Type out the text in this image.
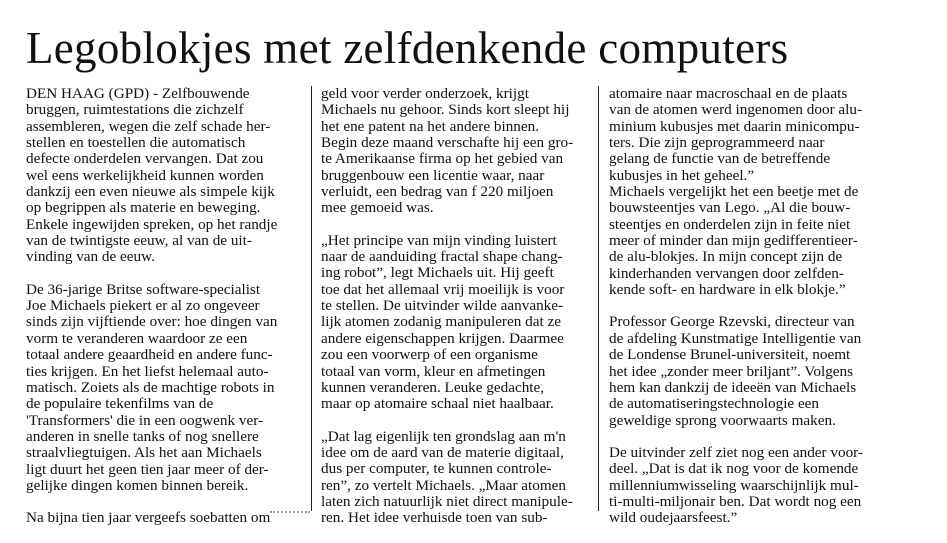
Legoblokjes met zelfdenkende computers

DEN HAAG (GPD) - Zelfbouwende
bruggen, ruimtestations die zichzelf
assembleren, wegen die zelf schade her-
stellen en toestellen die automatisch
defecte onderdelen vervangen. Dat zou
wel eens werkelijkheid kunnen worden
dankzij een even nieuwe als simpele kijk
op begrippen als materie en beweging.
Enkele ingewijden spreken, op het randje
van de twintigste eeuw, al van de uit-
vinding van de eeuw.

De 36-jarige Britse software-specialist
Joe Michaels piekert er al zo ongeveer
sinds zijn vijftiende over: hoe dingen van
vorm te veranderen waardoor ze een
totaal andere geaardheid en andere func-
ties krijgen. En het liefst helemaal auto-
matisch. Zoiets als de machtige robots in
de populaire tekenfilms van de
'Transformers' die in een oogwenk ver-
anderen in snelle tanks of nog snellere
straalvliegtuigen. Als het aan Michaels
ligt duurt het geen tien jaar meer of der-
gelijke dingen komen binnen bereik.

Na bijna tien jaar vergeefs soebatten om

geld voor verder onderzoek, krijgt
Michaels nu gehoor. Sinds kort sleept hij
het ene patent na het andere binnen.
Begin deze maand verschafte hij een gro-
te Amerikaanse firma op het gebied van
bruggenbouw een licentie waar, naar
verluidt, een bedrag van f 220 miljoen
mee gemoeid was.

„Het principe van mijn vinding luistert
naar de aanduiding fractal shape chang-
ing robot”, legt Michaels uit. Hij geeft
toe dat het allemaal vrij moeilijk is voor
te stellen. De uitvinder wilde aanvanke-
lijk atomen zodanig manipuleren dat ze
andere eigenschappen krijgen. Daarmee
zou een voorwerp of een organisme
totaal van vorm, kleur en afmetingen
kunnen veranderen. Leuke gedachte,
maar op atomaire schaal niet haalbaar.

„Dat lag eigenlijk ten grondslag aan m'n
idee om de aard van de materie digitaal,
dus per computer, te kunnen controle-
ren”, zo vertelt Michaels. „Maar atomen
laten zich natuurlijk niet direct manipule-
ren. Het idee verhuisde toen van sub-

atomaire naar macroschaal en de plaats
van de atomen werd ingenomen door alu-
minium kubusjes met daarin minicompu-
ters. Die zijn geprogrammeerd naar
gelang de functie van de betreffende
kubusjes in het geheel.”

Michaels vergelijkt het een beetje met de
bouwsteentjes van Lego. „Al die bouw-
steentjes en onderdelen zijn in feite niet
meer of minder dan mijn gedifferentieer-
de alu-blokjes. In mijn concept zijn de
kinderhanden vervangen door zelfden-
kende soft- en hardware in elk blokje.”

Professor George Rzevski, directeur van
de afdeling Kunstmatige Intelligentie van
de Londense Brunel-universiteit, noemt
het idee „zonder meer briljant”. Volgens
hem kan dankzij de ideeën van Michaels
de automatiseringstechnologie een
geweldige sprong voorwaarts maken.

De uitvinder zelf ziet nog een ander voor-
deel. „Dat is dat ik nog voor de komende
millenniumwisseling waarschijnlijk mul-
ti-multi-miljonair ben. Dat wordt nog een
wild oudejaarsfeest.”
